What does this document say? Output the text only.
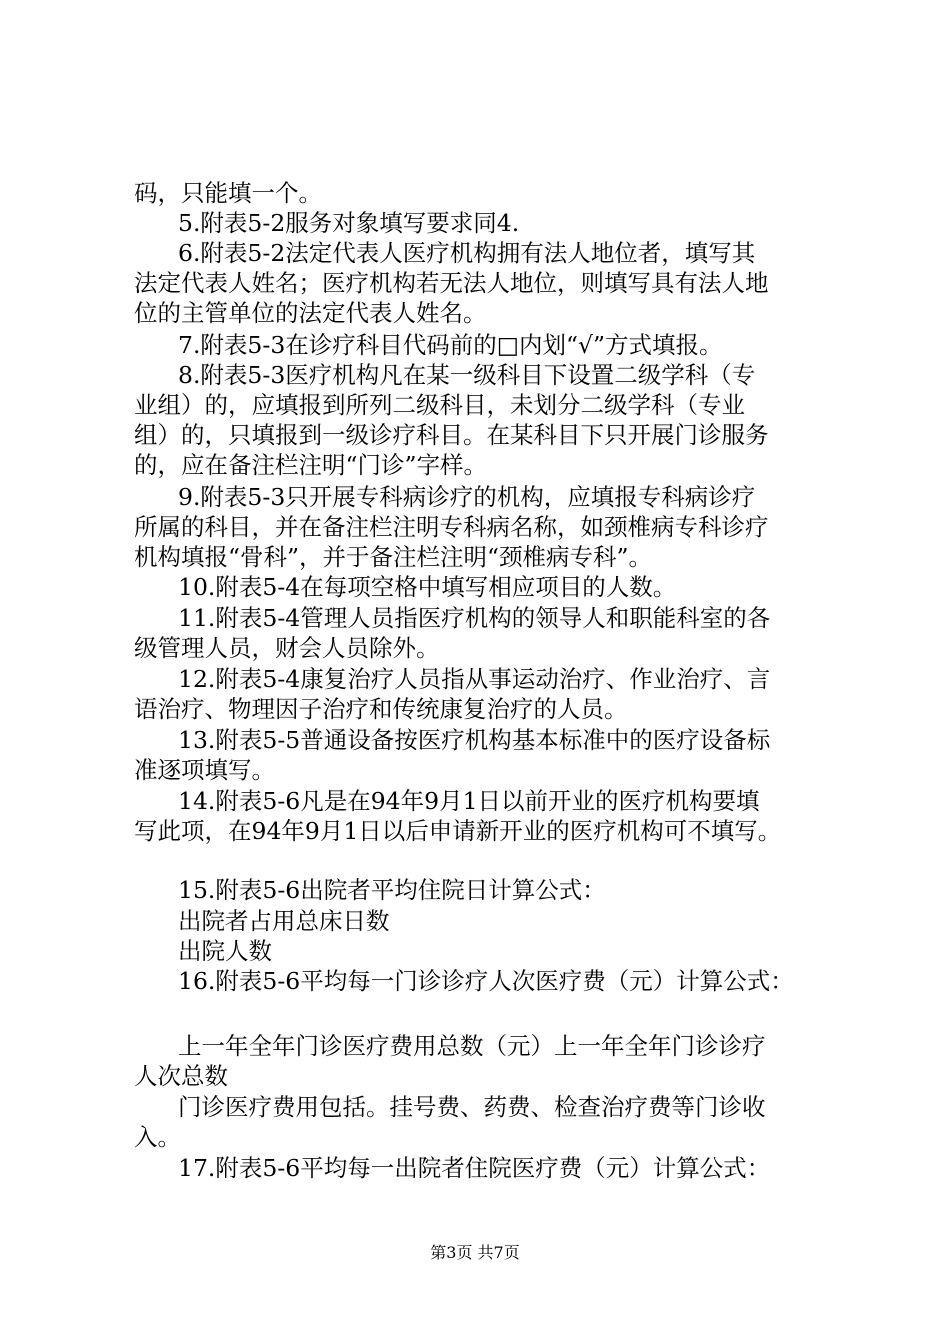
码，只能填一个。

5.附表5-2服务对象填写要求同4.

6.附表5-2法定代表人医疗机构拥有法人地位者，填写其

法定代表人姓名；医疗机构若无法人地位，则填写具有法人地

位的主管单位的法定代表人姓名。

7.附表5-3在诊疗科目代码前的□内划“√”方式填报。

8.附表5-3医疗机构凡在某一级科目下设置二级学科（专

业组）的，应填报到所列二级科目，未划分二级学科（专业

组）的，只填报到一级诊疗科目。在某科目下只开展门诊服务

的，应在备注栏注明“门诊”字样。

9.附表5-3只开展专科病诊疗的机构，应填报专科病诊疗

所属的科目，并在备注栏注明专科病名称，如颈椎病专科诊疗

机构填报“骨科”，并于备注栏注明“颈椎病专科”。

10.附表5-4在每项空格中填写相应项目的人数。

11.附表5-4管理人员指医疗机构的领导人和职能科室的各

级管理人员，财会人员除外。

12.附表5-4康复治疗人员指从事运动治疗、作业治疗、言

语治疗、物理因子治疗和传统康复治疗的人员。

13.附表5-5普通设备按医疗机构基本标准中的医疗设备标

准逐项填写。

14.附表5-6凡是在94年9月1日以前开业的医疗机构要填

写此项，在94年9月1日以后申请新开业的医疗机构可不填写。

15.附表5-6出院者平均住院日计算公式：

出院者占用总床日数

出院人数

16.附表5-6平均每一门诊诊疗人次医疗费（元）计算公式：

上一年全年门诊医疗费用总数（元）上一年全年门诊诊疗

人次总数

门诊医疗费用包括。挂号费、药费、检查治疗费等门诊收

入。

17.附表5-6平均每一出院者住院医疗费（元）计算公式：

第3页 共7页
